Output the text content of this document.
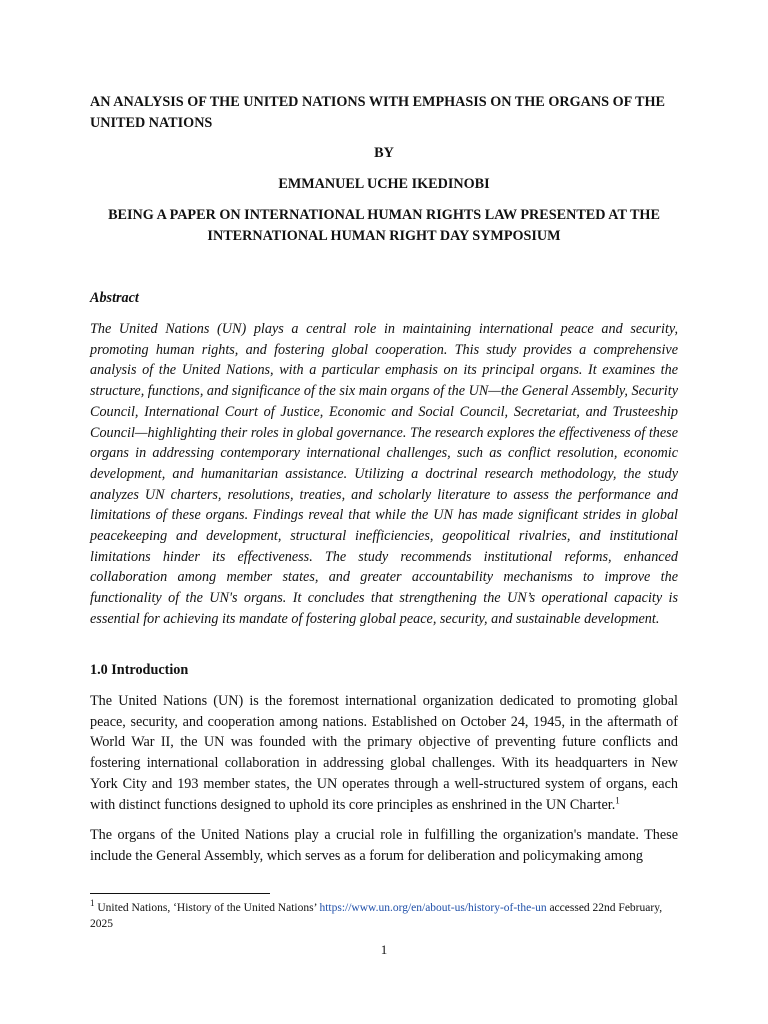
AN ANALYSIS OF THE UNITED NATIONS WITH EMPHASIS ON THE ORGANS OF THE UNITED NATIONS
BY
EMMANUEL UCHE IKEDINOBI
BEING A PAPER ON INTERNATIONAL HUMAN RIGHTS LAW PRESENTED AT THE INTERNATIONAL HUMAN RIGHT DAY SYMPOSIUM
Abstract
The United Nations (UN) plays a central role in maintaining international peace and security, promoting human rights, and fostering global cooperation. This study provides a comprehensive analysis of the United Nations, with a particular emphasis on its principal organs. It examines the structure, functions, and significance of the six main organs of the UN—the General Assembly, Security Council, International Court of Justice, Economic and Social Council, Secretariat, and Trusteeship Council—highlighting their roles in global governance. The research explores the effectiveness of these organs in addressing contemporary international challenges, such as conflict resolution, economic development, and humanitarian assistance. Utilizing a doctrinal research methodology, the study analyzes UN charters, resolutions, treaties, and scholarly literature to assess the performance and limitations of these organs. Findings reveal that while the UN has made significant strides in global peacekeeping and development, structural inefficiencies, geopolitical rivalries, and institutional limitations hinder its effectiveness. The study recommends institutional reforms, enhanced collaboration among member states, and greater accountability mechanisms to improve the functionality of the UN's organs. It concludes that strengthening the UN’s operational capacity is essential for achieving its mandate of fostering global peace, security, and sustainable development.
1.0 Introduction
The United Nations (UN) is the foremost international organization dedicated to promoting global peace, security, and cooperation among nations. Established on October 24, 1945, in the aftermath of World War II, the UN was founded with the primary objective of preventing future conflicts and fostering international collaboration in addressing global challenges. With its headquarters in New York City and 193 member states, the UN operates through a well-structured system of organs, each with distinct functions designed to uphold its core principles as enshrined in the UN Charter.$^1$
The organs of the United Nations play a crucial role in fulfilling the organization's mandate. These include the General Assembly, which serves as a forum for deliberation and policymaking among
$^1$ United Nations, ‘History of the United Nations’ https://www.un.org/en/about-us/history-of-the-un accessed 22nd February, 2025
1
